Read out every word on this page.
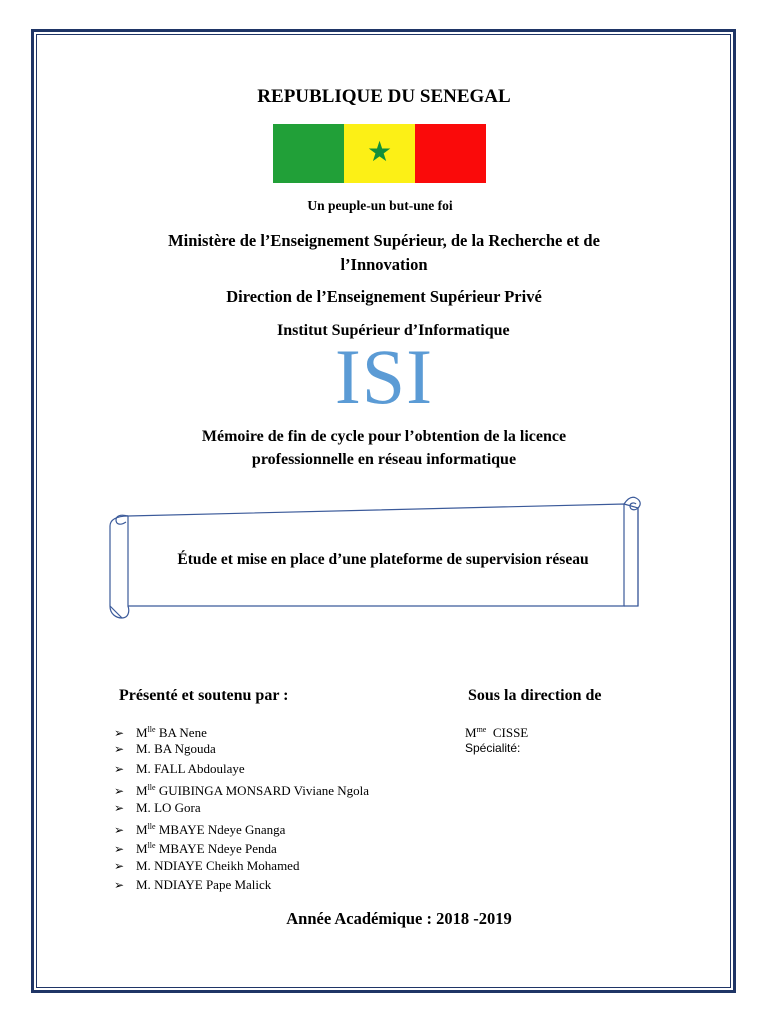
REPUBLIQUE DU SENEGAL
★
Un peuple-un but-une foi
Ministère de l’Enseignement Supérieur, de la Recherche et de
l’Innovation
Direction de l’Enseignement Supérieur Privé
Institut Supérieur d’Informatique
ISI
Mémoire de fin de cycle pour l’obtention de la licence
professionnelle en réseau informatique
Étude et mise en place d’une plateforme de supervision réseau
Présenté et soutenu par :	Sous la direction de
➢ $M^{lle}$ BA Nene
➢ M. BA Ngouda
➢ M. FALL Abdoulaye
➢ $M^{lle}$ GUIBINGA MONSARD Viviane Ngola
➢ M. LO Gora
➢ $M^{lle}$ MBAYE Ndeye Gnanga
➢ $M^{lle}$ MBAYE Ndeye Penda
➢ M. NDIAYE Cheikh Mohamed
➢ M. NDIAYE Pape Malick
$M^{me}$ CISSE
Spécialité:
Année Académique : 2018 -2019
